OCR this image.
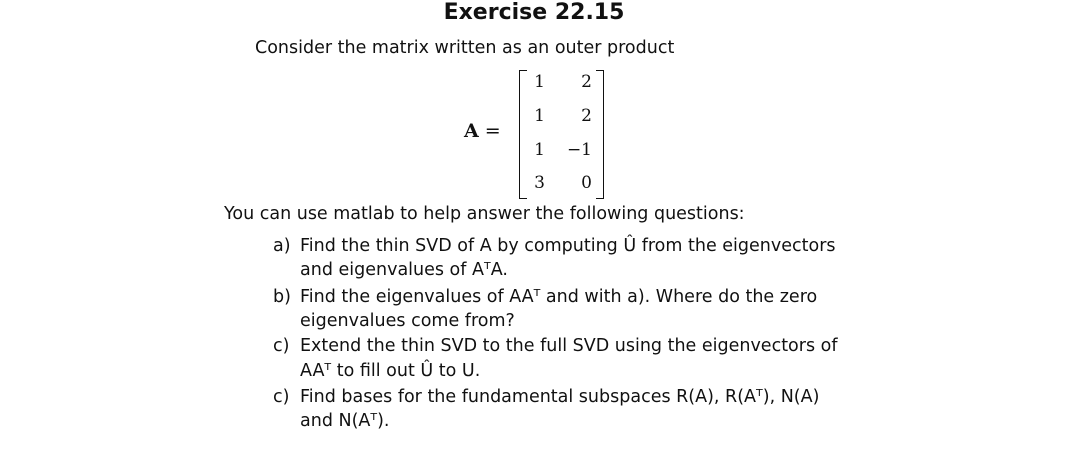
Exercise 22.15
Consider the matrix written as an outer product
A =
1	2
1	2
1	−1
3	0
You can use matlab to help answer the following questions:
a) Find the thin SVD of A by computing Û from the eigenvectors
and eigenvalues of AᵀA.
b) Find the eigenvalues of AAᵀ and with a). Where do the zero
eigenvalues come from?
c) Extend the thin SVD to the full SVD using the eigenvectors of
AAᵀ to fill out Û to U.
c) Find bases for the fundamental subspaces R(A), R(Aᵀ), N(A)
and N(Aᵀ).
